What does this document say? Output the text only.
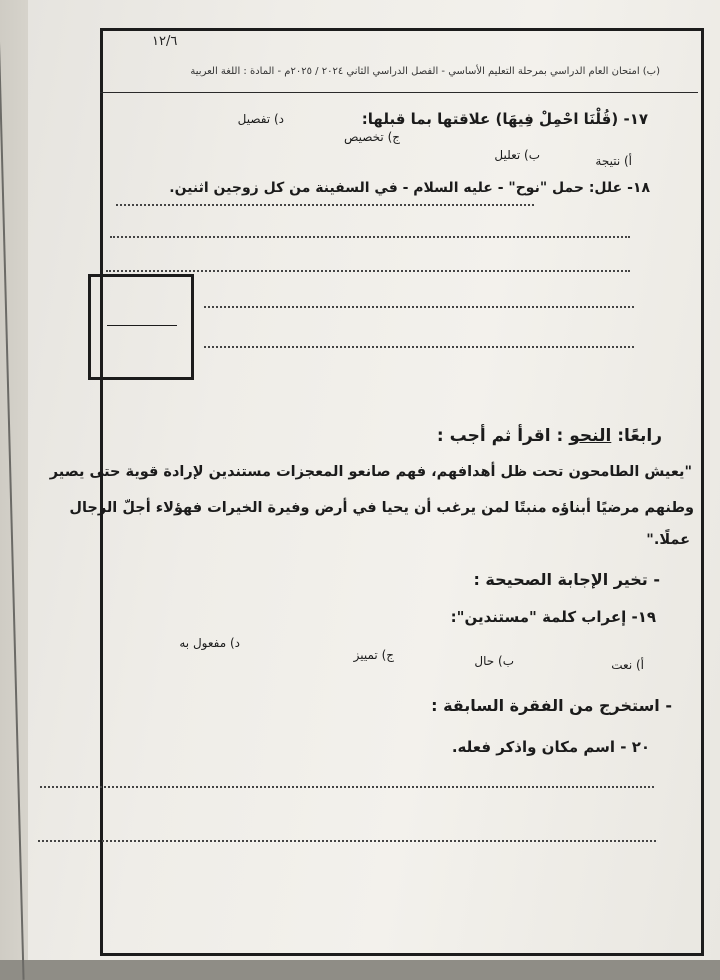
١٢/٦
(ب) امتحان العام الدراسي بمرحلة التعليم الأساسي - الفصل الدراسي الثاني ٢٠٢٤ / ٢٠٢٥م - المادة : اللغة العربية
١٧- (قُلْنَا احْمِلْ فِيهَا) علاقتها بما قبلها:
د) تفصيل
ج) تخصيص
ب) تعليل	أ) نتيجة
١٨- علل: حمل "نوح" - عليه السلام - في السفينة من كل زوجين اثنين.
رابعًا: النحو : اقرأ ثم أجب :
"يعيش الطامحون تحت ظل أهدافهم، فهم صانعو المعجزات مستندين لإرادة قوية حتى يصير
وطنهم مرضيًا أبناؤه منبتًا لمن يرغب أن يحيا في أرض وفيرة الخيرات فهؤلاء أجلّ الرجال
عملًا."
- تخير الإجابة الصحيحة :
١٩- إعراب كلمة "مستندين":
د) مفعول به
ج) تمييز	ب) حال	أ) نعت
- استخرج من الفقرة السابقة :
٢٠ - اسم مكان واذكر فعله.
